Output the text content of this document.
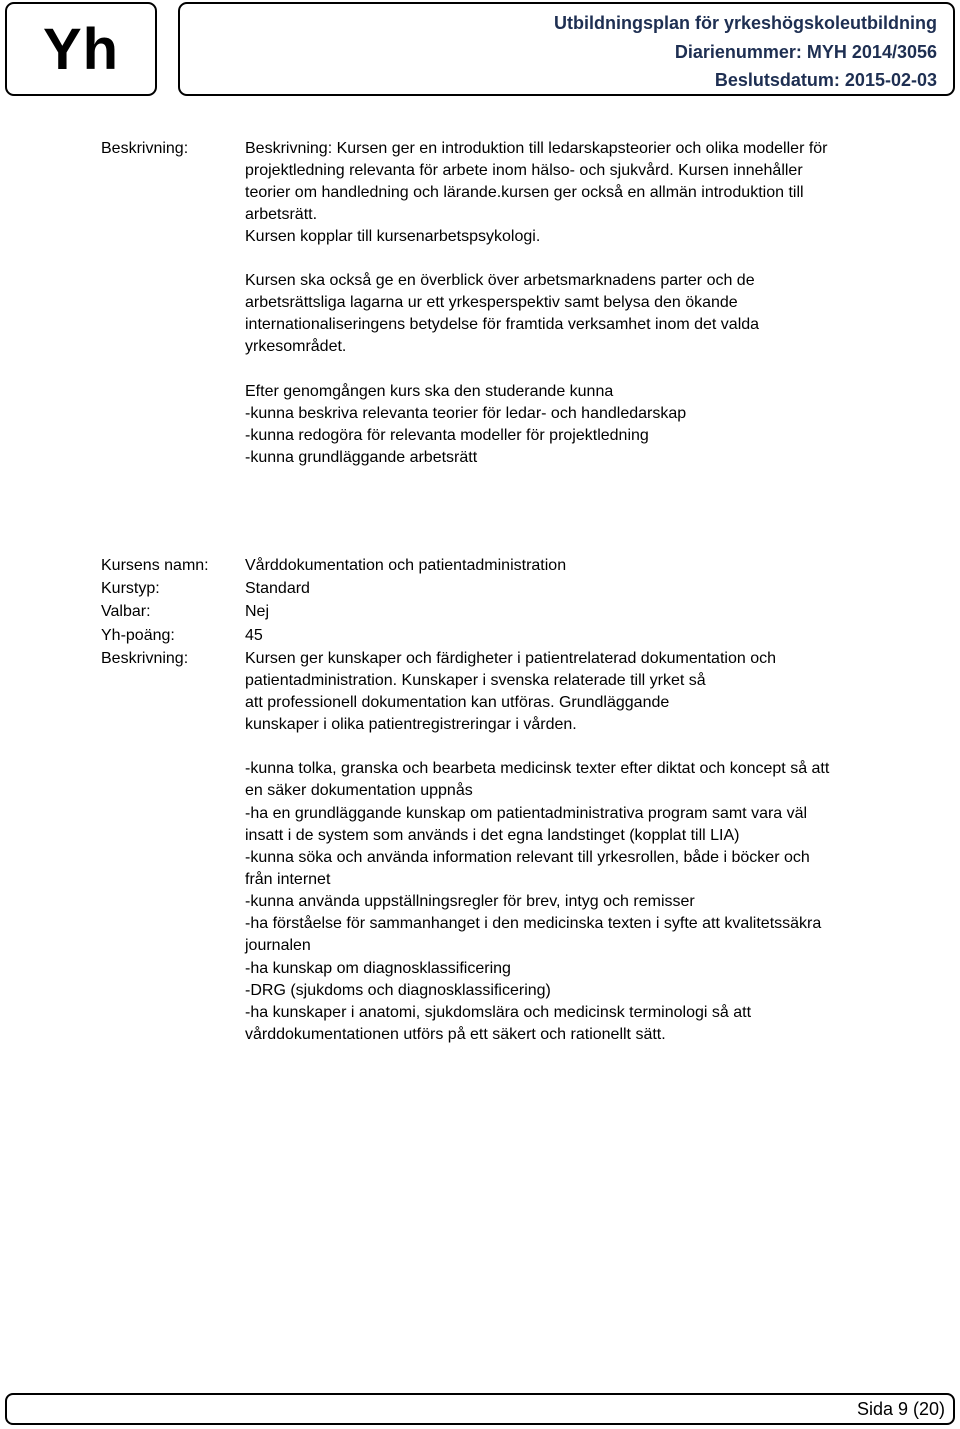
Yh	Utbildningsplan för yrkeshögskoleutbildning
Diarienummer: MYH 2014/3056
Beslutsdatum: 2015-02-03
Beskrivning:	Beskrivning: Kursen ger en introduktion till ledarskapsteorier och olika modeller för
projektledning relevanta för arbete inom hälso- och sjukvård. Kursen innehåller
teorier om handledning och lärande.kursen ger också en allmän introduktion till
arbetsrätt.
Kursen kopplar till kursenarbetspsykologi.
Kursen ska också ge en överblick över arbetsmarknadens parter och de
arbetsrättsliga lagarna ur ett yrkesperspektiv samt belysa den ökande
internationaliseringens betydelse för framtida verksamhet inom det valda
yrkesområdet.
Efter genomgången kurs ska den studerande kunna
-kunna beskriva relevanta teorier för ledar- och handledarskap
-kunna redogöra för relevanta modeller för projektledning
-kunna grundläggande arbetsrätt
Kursens namn: Vårddokumentation och patientadministration
Kurstyp:	Standard
Valbar:	Nej
Yh-poäng:	45
Beskrivning:	Kursen ger kunskaper och färdigheter i patientrelaterad dokumentation och
patientadministration. Kunskaper i svenska relaterade till yrket så
att professionell dokumentation kan utföras. Grundläggande
kunskaper i olika patientregistreringar i vården.
-kunna tolka, granska och bearbeta medicinsk texter efter diktat och koncept så att
en säker dokumentation uppnås
-ha en grundläggande kunskap om patientadministrativa program samt vara väl
insatt i de system som används i det egna landstinget (kopplat till LIA)
-kunna söka och använda information relevant till yrkesrollen, både i böcker och
från internet
-kunna använda uppställningsregler för brev, intyg och remisser
-ha förståelse för sammanhanget i den medicinska texten i syfte att kvalitetssäkra
journalen
-ha kunskap om diagnosklassificering
-DRG (sjukdoms och diagnosklassificering)
-ha kunskaper i anatomi, sjukdomslära och medicinsk terminologi så att
vårddokumentationen utförs på ett säkert och rationellt sätt.
Sida 9 (20)
